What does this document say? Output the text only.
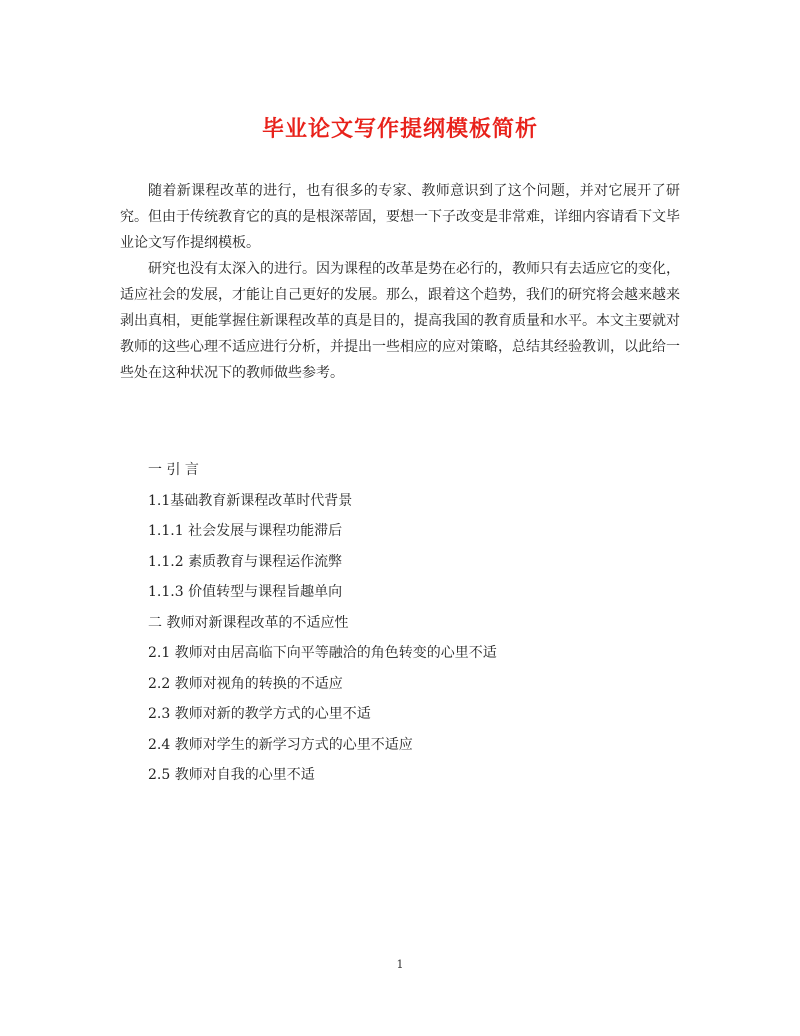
毕业论文写作提纲模板简析

随着新课程改革的进行，也有很多的专家、教师意识到了这个问题，并对它展开了研究。但由于传统教育它的真的是根深蒂固，要想一下子改变是非常难，详细内容请看下文毕业论文写作提纲模板。

研究也没有太深入的进行。因为课程的改革是势在必行的，教师只有去适应它的变化，适应社会的发展，才能让自己更好的发展。那么，跟着这个趋势，我们的研究将会越来越来剥出真相，更能掌握住新课程改革的真是目的，提高我国的教育质量和水平。本文主要就对教师的这些心理不适应进行分析，并提出一些相应的应对策略，总结其经验教训，以此给一些处在这种状况下的教师做些参考。

一 引 言
1.1基础教育新课程改革时代背景
1.1.1 社会发展与课程功能滞后
1.1.2 素质教育与课程运作流弊
1.1.3 价值转型与课程旨趣单向
二 教师对新课程改革的不适应性
2.1 教师对由居高临下向平等融洽的角色转变的心里不适
2.2 教师对视角的转换的不适应
2.3 教师对新的教学方式的心里不适
2.4 教师对学生的新学习方式的心里不适应
2.5 教师对自我的心里不适
1
